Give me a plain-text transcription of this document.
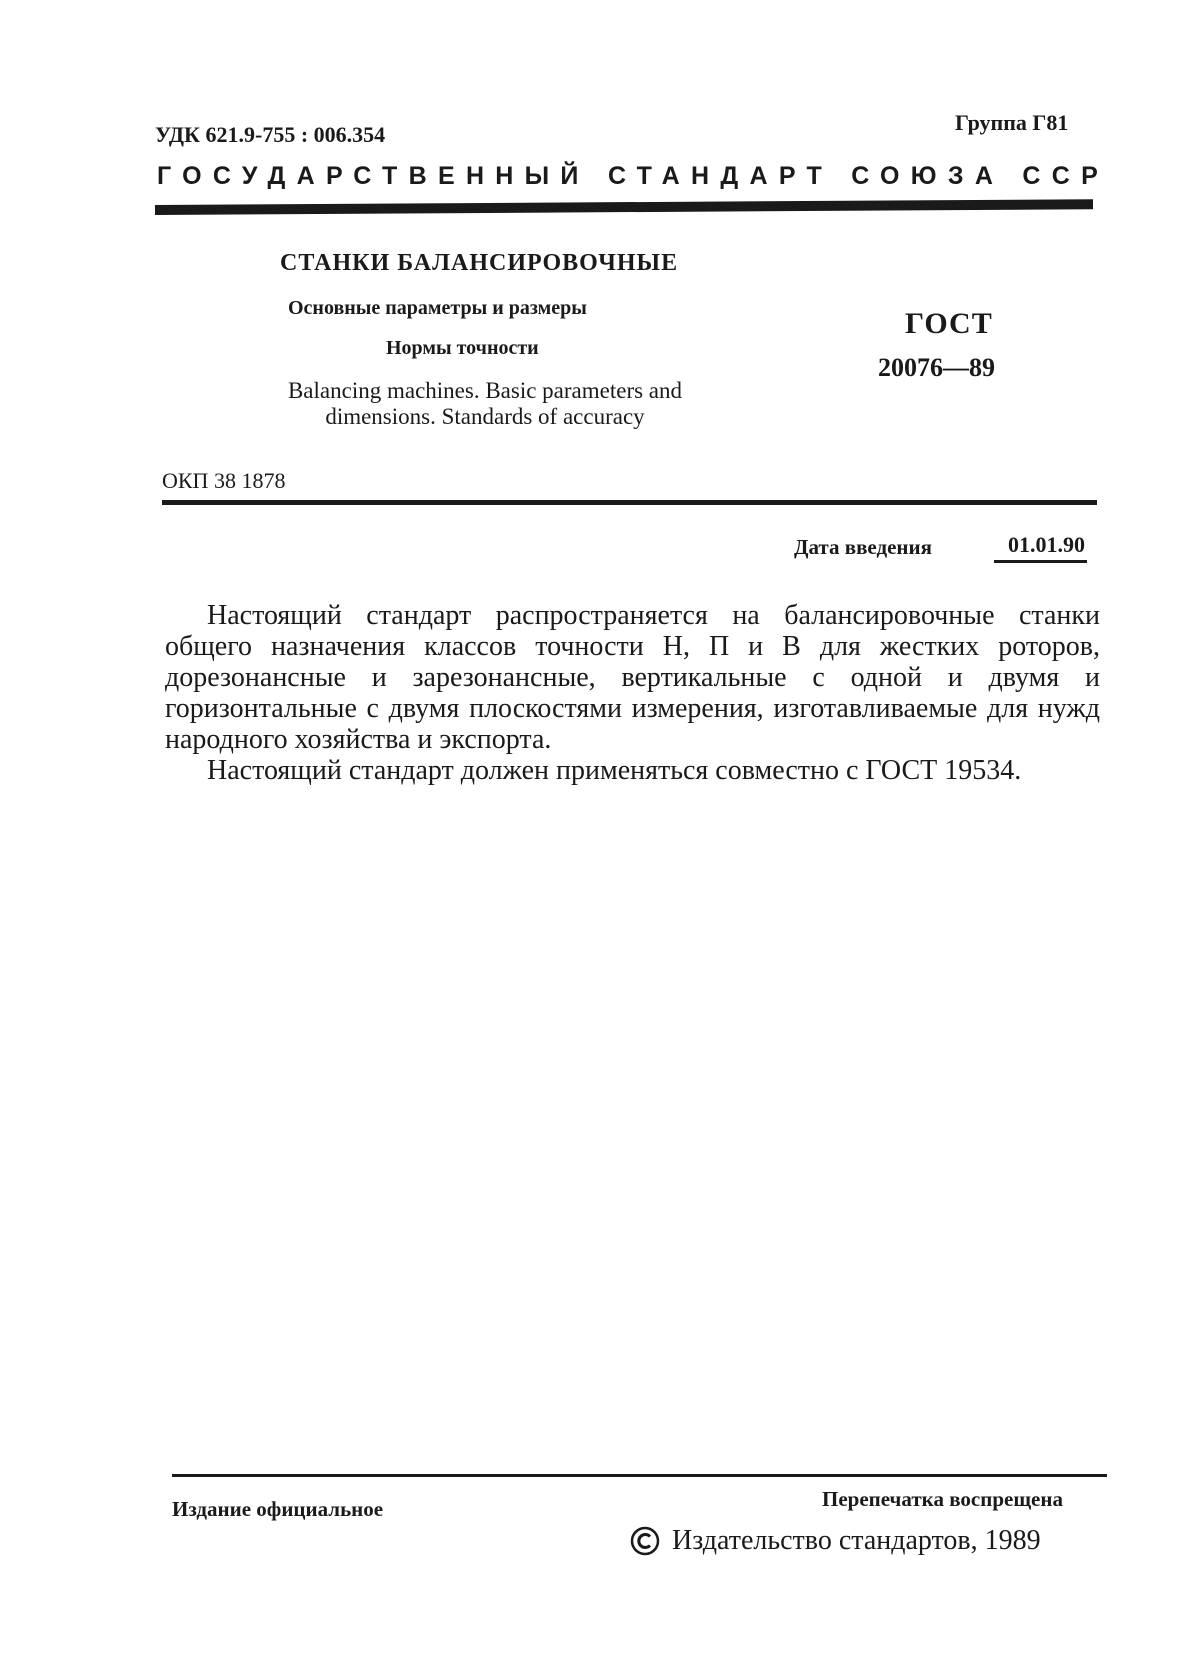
УДК 621.9-755 : 006.354	Группа Г81
ГОСУДАРСТВЕННЫЙ СТАНДАРТ СОЮЗА ССР
СТАНКИ БАЛАНСИРОВОЧНЫЕ
Основные параметры и размеры
Нормы точности
Balancing machines. Basic parameters and dimensions. Standards of accuracy
ГОСТ
20076—89
ОКП 38 1878
Дата введения	01.01.90

Настоящий стандарт распространяется на балансировочные станки общего назначения классов точности Н, П и В для жестких роторов, дорезонансные и зарезонансные, вертикальные с одной и двумя и горизонтальные с двумя плоскостями измерения, изготавливаемые для нужд народного хозяйства и экспорта.

Настоящий стандарт должен применяться совместно с ГОСТ 19534.

Издание официальное	Перепечатка воспрещена
Издательство стандартов, 1989
